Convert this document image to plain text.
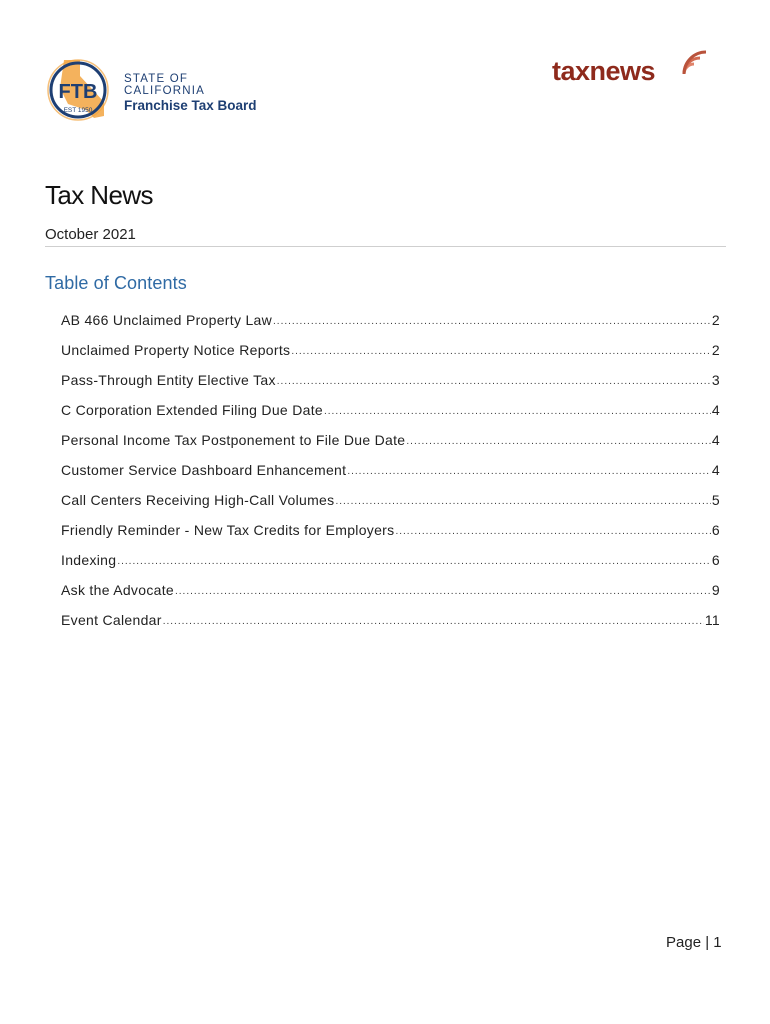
FTB
EST 1950
STATE OF CALIFORNIA
Franchise Tax Board
taxnews
Tax News
October 2021
Table of Contents
AB 466 Unclaimed Property Law .....	2
Unclaimed Property Notice Reports .....	2
Pass-Through Entity Elective Tax .....	3
C Corporation Extended Filing Due Date .....	4
Personal Income Tax Postponement to File Due Date .....	4
Customer Service Dashboard Enhancement .....	4
Call Centers Receiving High-Call Volumes .....	5
Friendly Reminder - New Tax Credits for Employers .....	6
Indexing .....	6
Ask the Advocate .....	9
Event Calendar .....	11
Page | 1
